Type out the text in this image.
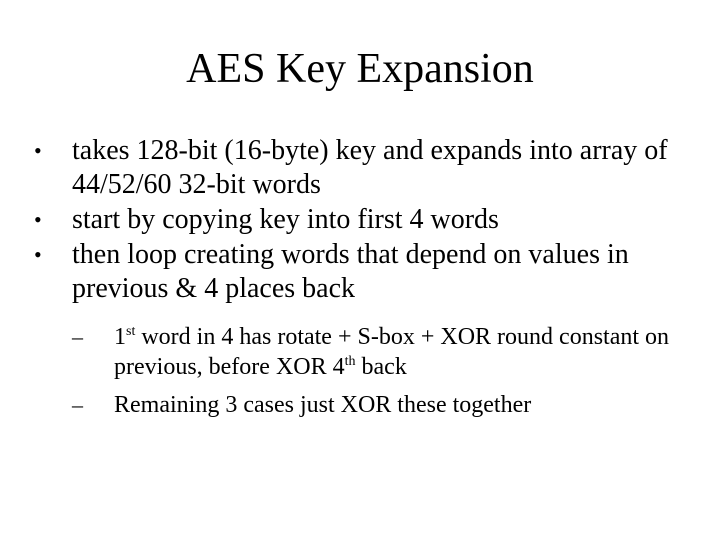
AES Key Expansion
• takes 128-bit (16-byte) key and expands into array of 44/52/60 32-bit words
• start by copying key into first 4 words
• then loop creating words that depend on values in previous & 4 places back
– 1st word in 4 has rotate + S-box + XOR round constant on previous, before XOR 4th back
– Remaining 3 cases just XOR these together
